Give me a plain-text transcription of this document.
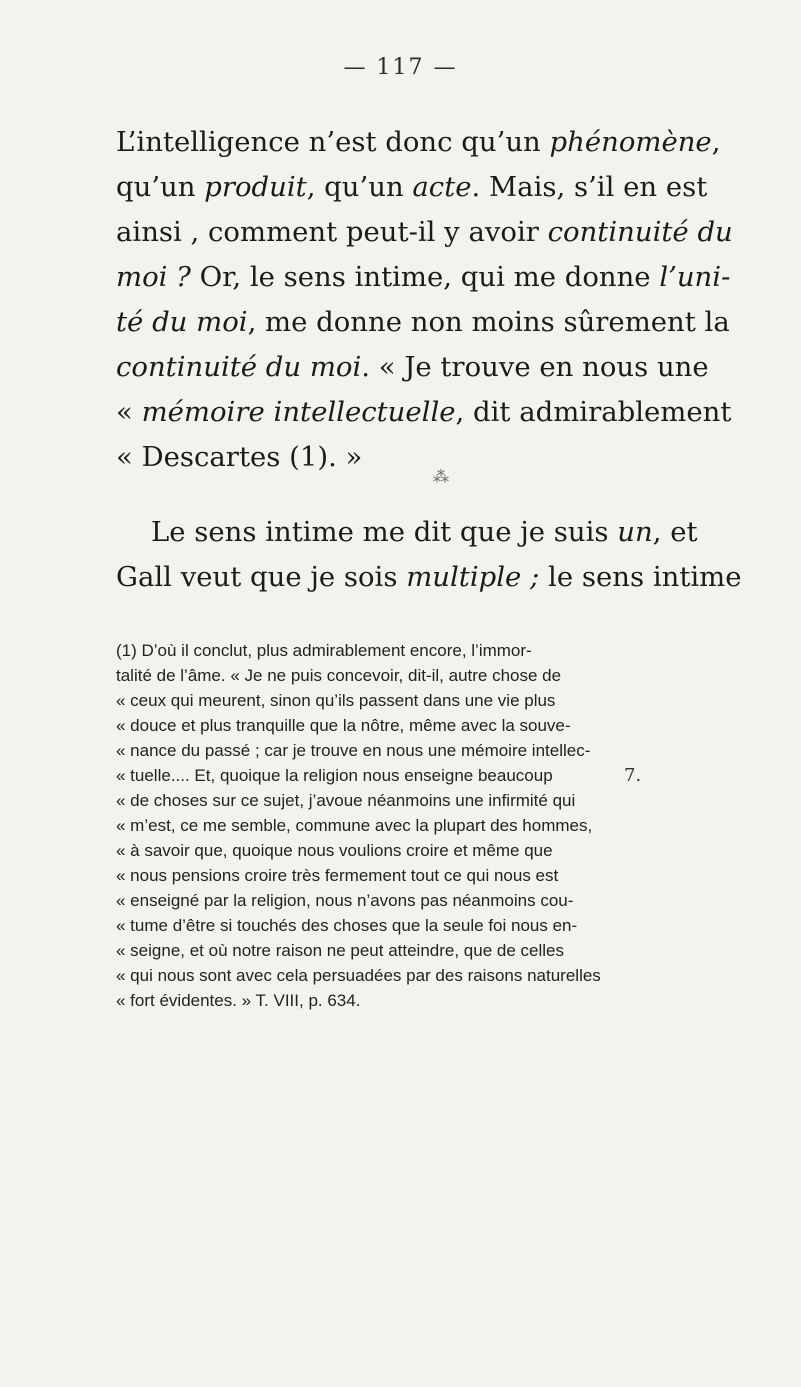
— 117 —
L’intelligence n’est donc qu’un phénomène,
qu’un produit, qu’un acte. Mais, s’il en est
ainsi , comment peut-il y avoir continuité du
moi ? Or, le sens intime, qui me donne l’uni-
té du moi, me donne non moins sûrement la
continuité du moi. « Je trouve en nous une
« mémoire intellectuelle, dit admirablement
« Descartes (1). »
⁂
Le sens intime me dit que je suis un, et
Gall veut que je sois multiple ; le sens intime
(1) D’où il conclut, plus admirablement encore, l’immor-
talité de l’âme. « Je ne puis concevoir, dit-il, autre chose de
« ceux qui meurent, sinon qu’ils passent dans une vie plus
« douce et plus tranquille que la nôtre, même avec la souve-
« nance du passé ; car je trouve en nous une mémoire intellec-
« tuelle.... Et, quoique la religion nous enseigne beaucoup
« de choses sur ce sujet, j’avoue néanmoins une infirmité qui
« m’est, ce me semble, commune avec la plupart des hommes,
« à savoir que, quoique nous voulions croire et même que
« nous pensions croire très fermement tout ce qui nous est
« enseigné par la religion, nous n’avons pas néanmoins cou-
« tume d’être si touchés des choses que la seule foi nous en-
« seigne, et où notre raison ne peut atteindre, que de celles
« qui nous sont avec cela persuadées par des raisons naturelles
« fort évidentes. » T. VIII, p. 634.
7.
